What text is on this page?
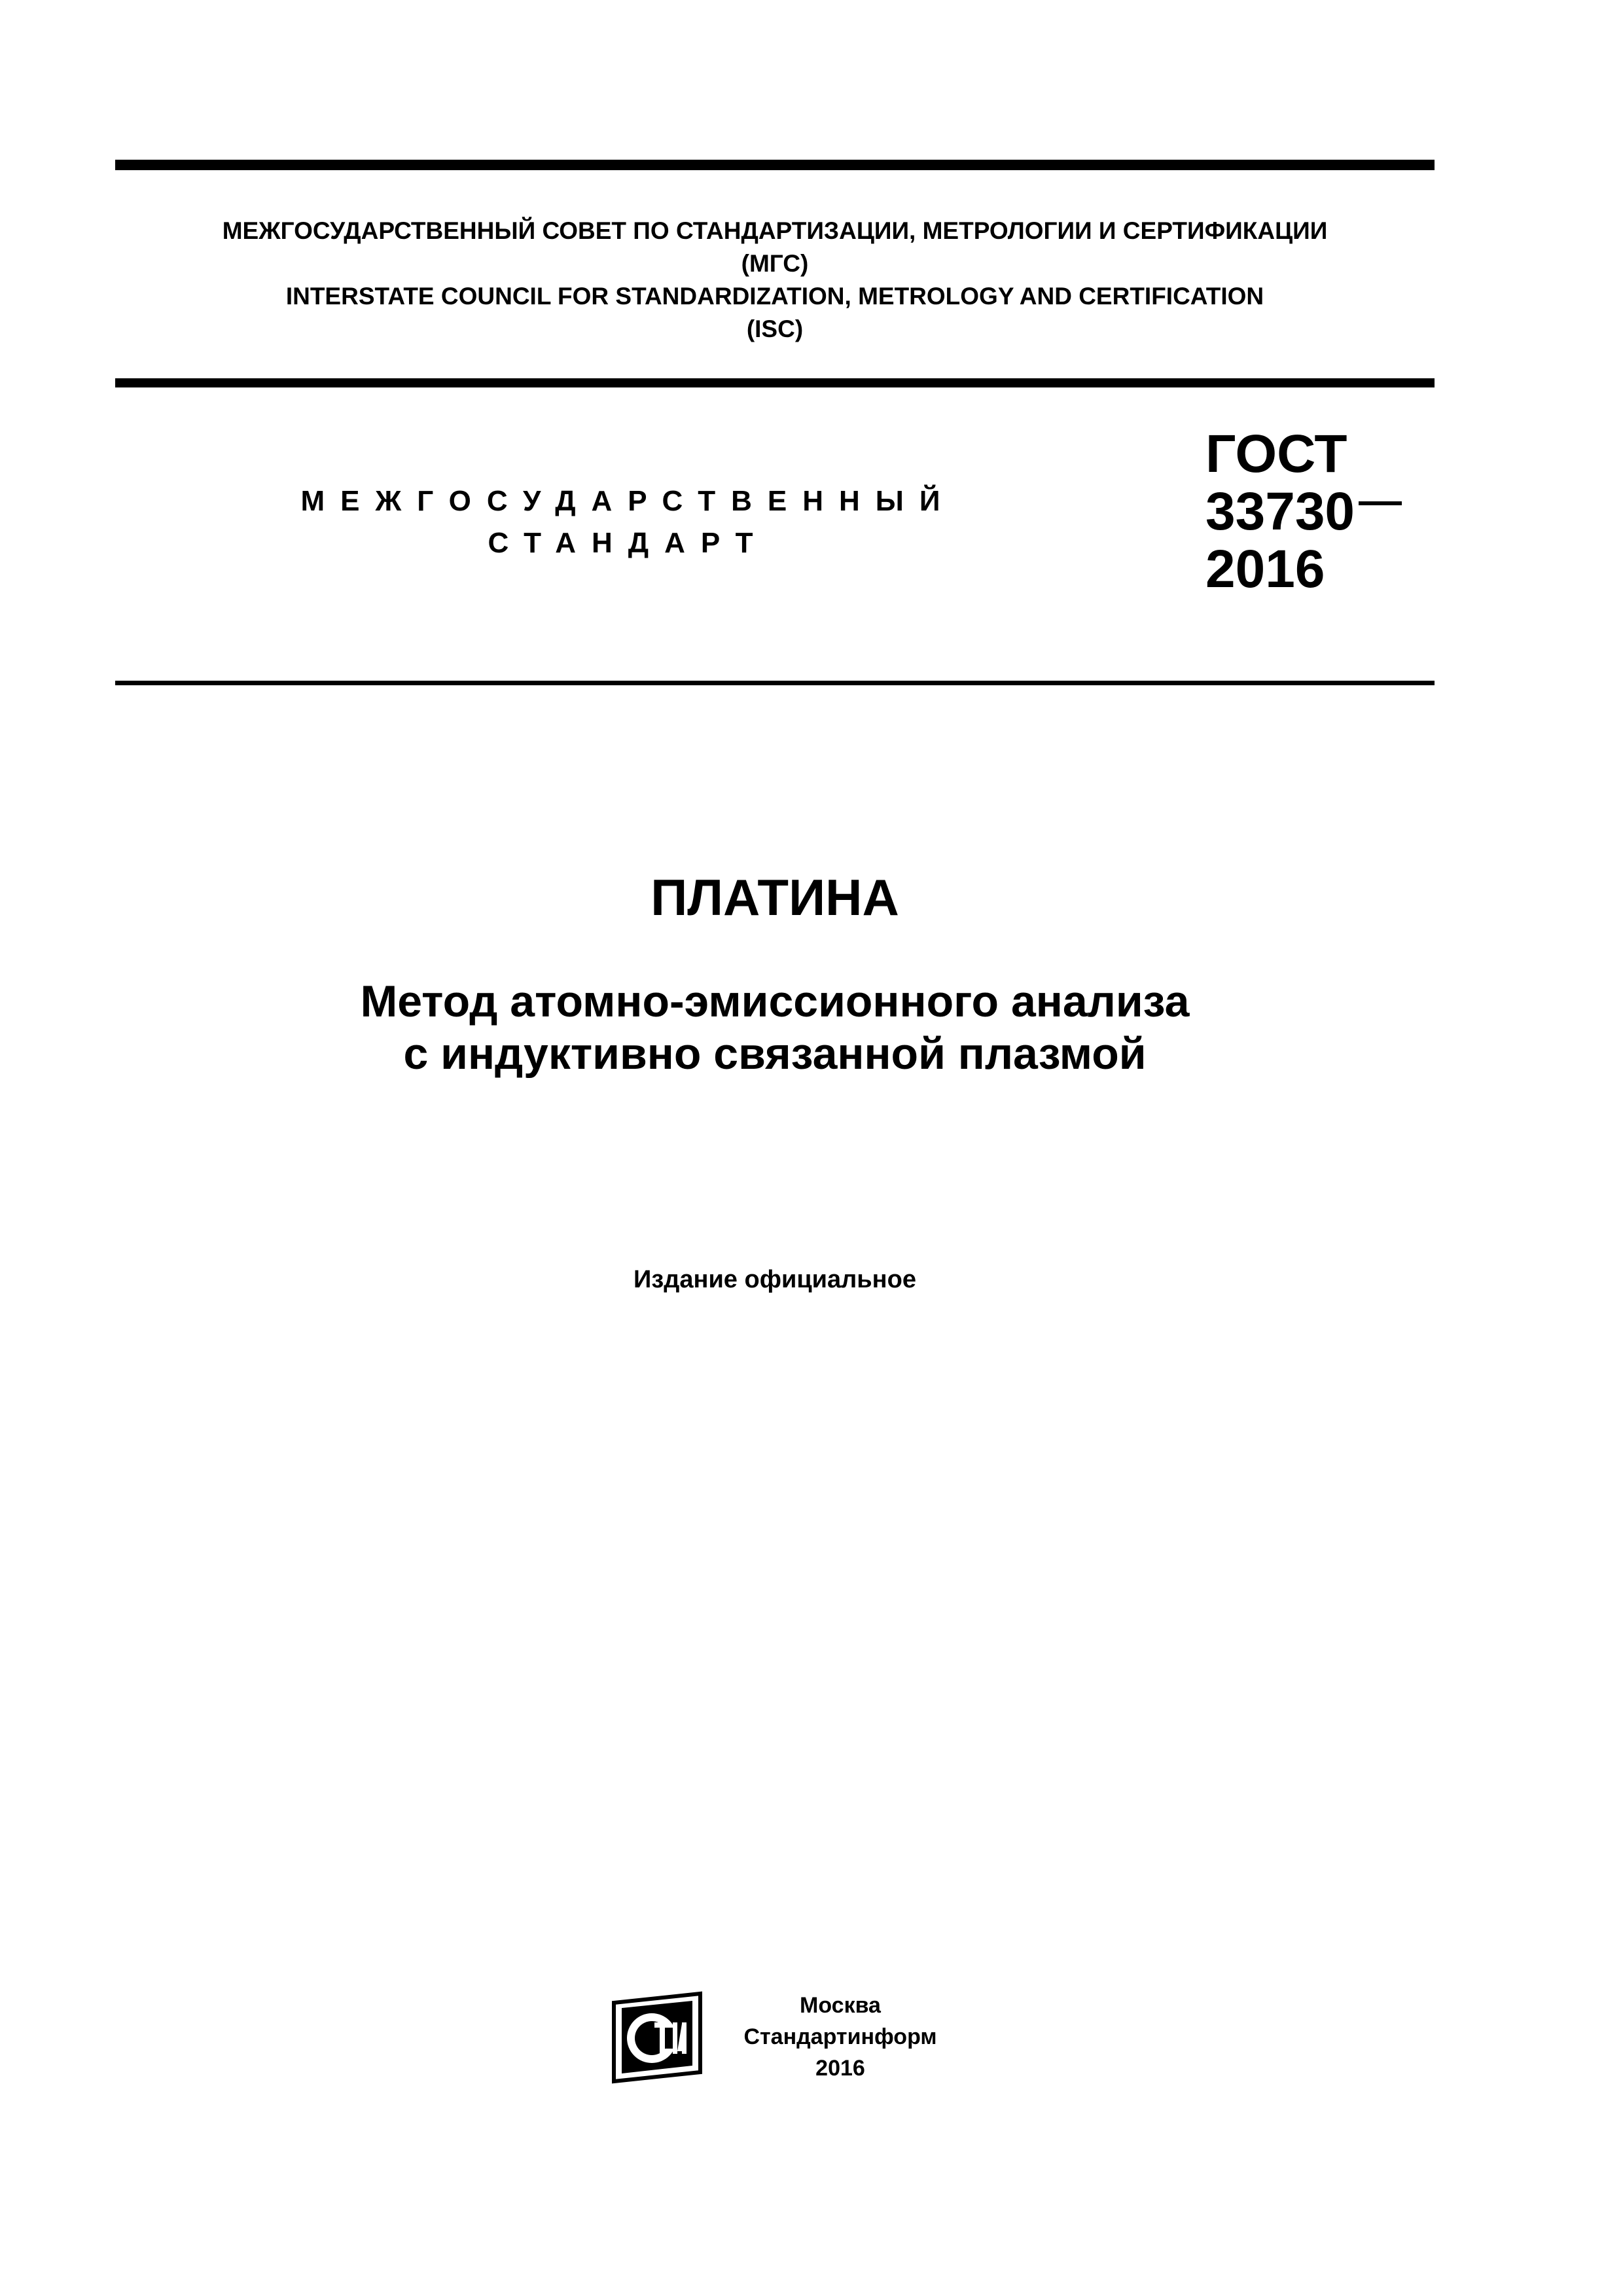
МЕЖГОСУДАРСТВЕННЫЙ СОВЕТ ПО СТАНДАРТИЗАЦИИ, МЕТРОЛОГИИ И СЕРТИФИКАЦИИ
(МГС)
INTERSTATE COUNCIL FOR STANDARDIZATION, METROLOGY AND CERTIFICATION
(ISC)
МЕЖГОСУДАРСТВЕННЫЙ
СТАНДАРТ
ГОСТ
33730
2016
ПЛАТИНА
Метод атомно-эмиссионного анализа
с индуктивно связанной плазмой
Издание официальное
Москва
Стандартинформ
2016
